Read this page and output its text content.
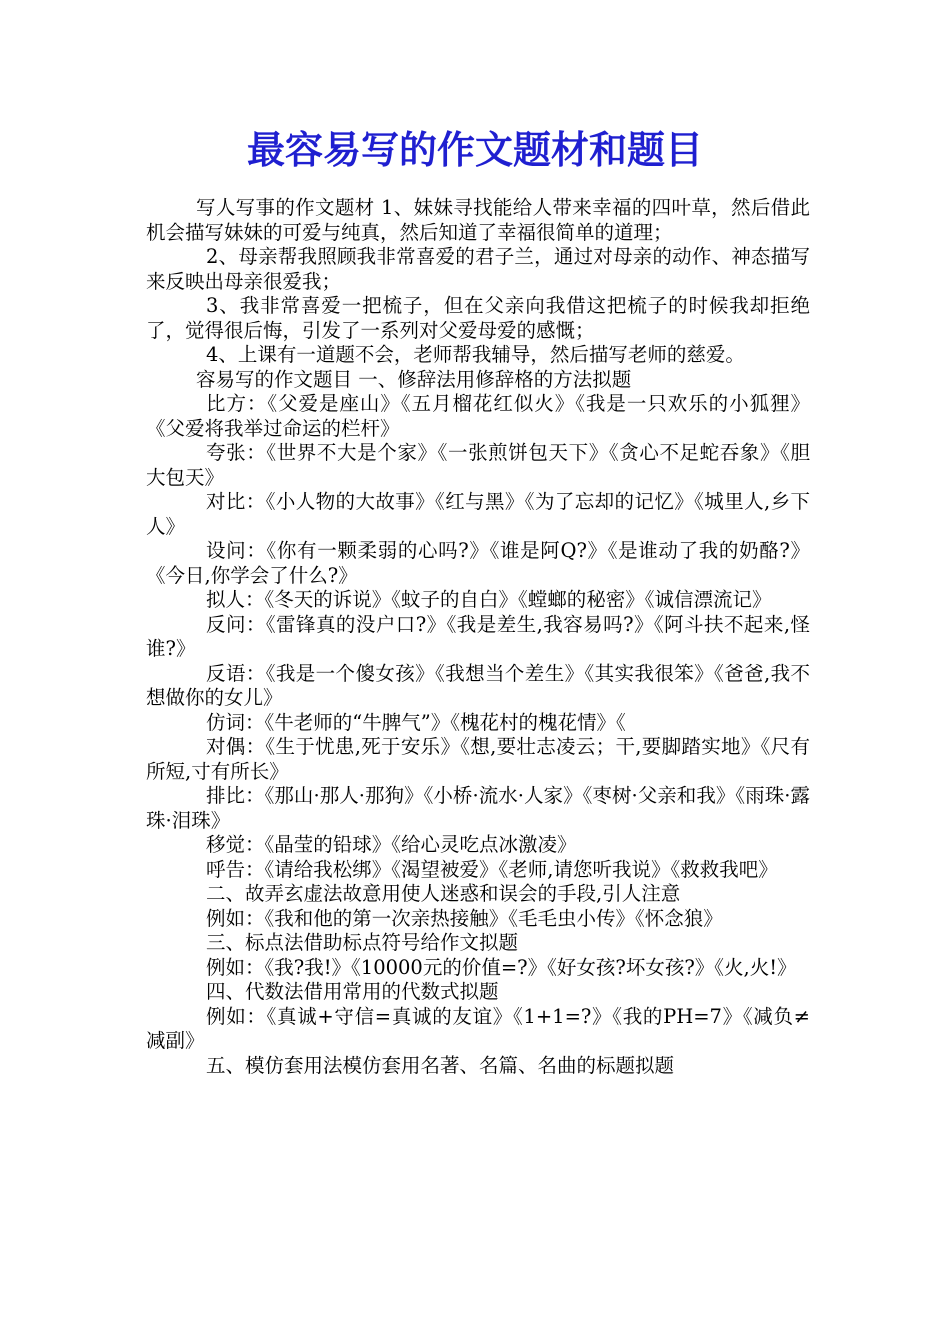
最容易写的作文题材和题目

写人写事的作文题材 1、妹妹寻找能给人带来幸福的四叶草，然后借此机会描写妹妹的可爱与纯真，然后知道了幸福很简单的道理；

2、母亲帮我照顾我非常喜爱的君子兰，通过对母亲的动作、神态描写来反映出母亲很爱我；

3、我非常喜爱一把梳子，但在父亲向我借这把梳子的时候我却拒绝了，觉得很后悔，引发了一系列对父爱母爱的感慨；

4、上课有一道题不会，老师帮我辅导，然后描写老师的慈爱。

容易写的作文题目 一、修辞法用修辞格的方法拟题

比方：《父爱是座山》《五月榴花红似火》《我是一只欢乐的小狐狸》《父爱将我举过命运的栏杆》

夸张：《世界不大是个家》《一张煎饼包天下》《贪心不足蛇吞象》《胆大包天》

对比：《小人物的大故事》《红与黑》《为了忘却的记忆》《城里人,乡下人》

设问：《你有一颗柔弱的心吗?》《谁是阿Q?》《是谁动了我的奶酪?》《今日,你学会了什么?》

拟人：《冬天的诉说》《蚊子的自白》《螳螂的秘密》《诚信漂流记》

反问：《雷锋真的没户口?》《我是差生,我容易吗?》《阿斗扶不起来,怪谁?》

反语：《我是一个傻女孩》《我想当个差生》《其实我很笨》《爸爸,我不想做你的女儿》

仿词：《牛老师的“牛脾气”》《槐花村的槐花情》《

对偶：《生于忧患,死于安乐》《想,要壮志凌云；干,要脚踏实地》《尺有所短,寸有所长》

排比：《那山·那人·那狗》《小桥·流水·人家》《枣树·父亲和我》《雨珠·露珠·泪珠》

移觉：《晶莹的铅球》《给心灵吃点冰激凌》

呼告：《请给我松绑》《渴望被爱》《老师,请您听我说》《救救我吧》

二、故弄玄虚法故意用使人迷惑和误会的手段,引人注意

例如：《我和他的第一次亲热接触》《毛毛虫小传》《怀念狼》

三、标点法借助标点符号给作文拟题

例如：《我?我!》《10000元的价值=?》《好女孩?坏女孩?》《火,火!》

四、代数法借用常用的代数式拟题

例如：《真诚+守信=真诚的友谊》《1+1=?》《我的PH=7》《减负≠减副》

五、模仿套用法模仿套用名著、名篇、名曲的标题拟题
